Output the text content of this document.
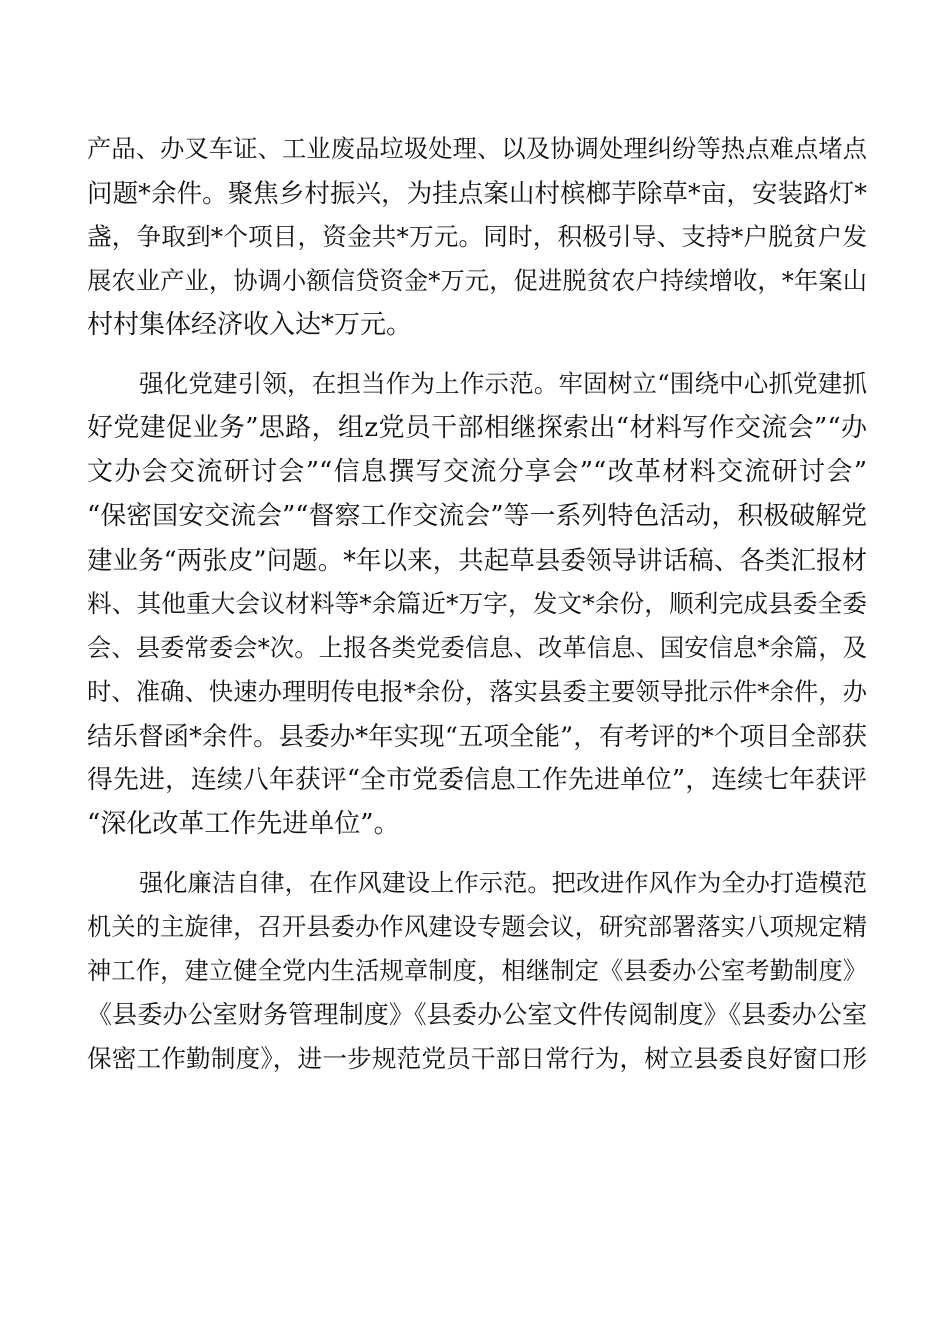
产品、办叉车证、工业废品垃圾处理、以及协调处理纠纷等热点难点堵点
问题*余件。聚焦乡村振兴，为挂点案山村槟榔芋除草*亩，安装路灯*
盏，争取到*个项目，资金共*万元。同时，积极引导、支持*户脱贫户发
展农业产业，协调小额信贷资金*万元，促进脱贫农户持续增收，*年案山
村村集体经济收入达*万元。
强化党建引领，在担当作为上作示范。牢固树立“围绕中心抓党建抓
好党建促业务”思路，组z党员干部相继探索出“材料写作交流会”“办
文办会交流研讨会”“信息撰写交流分享会”“改革材料交流研讨会”
“保密国安交流会”“督察工作交流会”等一系列特色活动，积极破解党
建业务“两张皮”问题。*年以来，共起草县委领导讲话稿、各类汇报材
料、其他重大会议材料等*余篇近*万字，发文*余份，顺利完成县委全委
会、县委常委会*次。上报各类党委信息、改革信息、国安信息*余篇，及
时、准确、快速办理明传电报*余份，落实县委主要领导批示件*余件，办
结乐督函*余件。县委办*年实现“五项全能”，有考评的*个项目全部获
得先进，连续八年获评“全市党委信息工作先进单位”，连续七年获评
“深化改革工作先进单位”。
强化廉洁自律，在作风建设上作示范。把改进作风作为全办打造模范
机关的主旋律，召开县委办作风建设专题会议，研究部署落实八项规定精
神工作，建立健全党内生活规章制度，相继制定《县委办公室考勤制度》
《县委办公室财务管理制度》《县委办公室文件传阅制度》《县委办公室
保密工作勤制度》，进一步规范党员干部日常行为，树立县委良好窗口形
